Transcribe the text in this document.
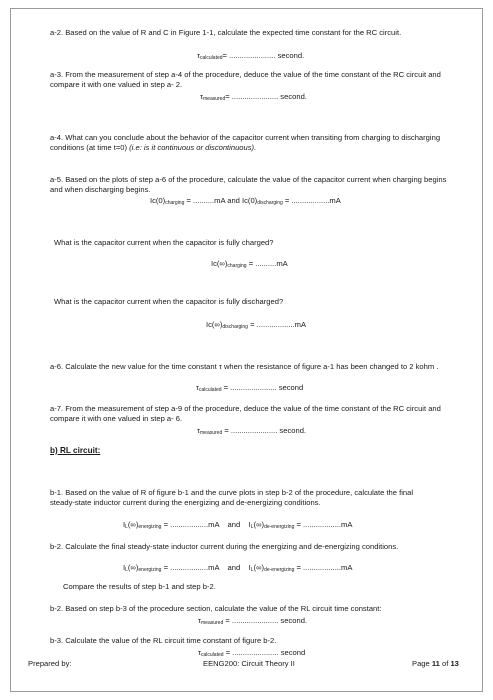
a-2. Based on the value of R and C in Figure 1-1, calculate the expected time constant for the RC circuit.
$\tau_{calculated}=$ ...................... second.
a-3. From the measurement of step a-4 of the procedure, deduce the value of the time constant of the RC circuit and compare it with one valued in step a- 2.
$\tau_{measured}=$ ...................... second.
a-4. What can you conclude about the behavior of the capacitor current when transiting from charging to discharging conditions (at time t=0) (i.e: is it continuous or discontinuous).
a-5. Based on the plots of step a-6 of the procedure, calculate the value of the capacitor current when charging begins and when discharging begins.
$Ic(0)_{charging} = ..........mA$ and $Ic(0)_{discharging} = ..................mA$
What is the capacitor current when the capacitor is fully charged?
$Ic(\infty)_{charging} = ..........mA$
What is the capacitor current when the capacitor is fully discharged?
$Ic(\infty)_{discharging} = ..................mA$
a-6. Calculate the new value for the time constant τ when the resistance of figure a-1 has been changed to 2 kohm .
$\tau_{calculated}$ = ...................... second
a-7. From the measurement of step a-9 of the procedure, deduce the value of the time constant of the RC circuit and compare it with one valued in step a- 6.
$\tau_{measured}$ = ...................... second.
b) RL circuit:
b-1. Based on the value of R of figure b-1 and the curve plots in step b-2 of the procedure, calculate the final steady-state inductor current during the energizing and de-energizing conditions.
$I_L(\infty)_{energizing} = ..................mA$ and $I_L(\infty)_{de-energizing} = ..................mA$
b-2. Calculate the final steady-state inductor current during the energizing and de-energizing conditions.
$I_L(\infty)_{energizing} = ..................mA$ and $I_L(\infty)_{de-energizing} = ..................mA$
Compare the results of step b-1 and step b-2.
b-2. Based on step b-3 of the procedure section, calculate the value of the RL circuit time constant:
$\tau_{measured}$ = ...................... second.
b-3. Calculate the value of the RL circuit time constant of figure b-2.
$\tau_{calculated}$ = ...................... second
Prepared by:	EENG200: Circuit Theory II	Page 11 of 13
